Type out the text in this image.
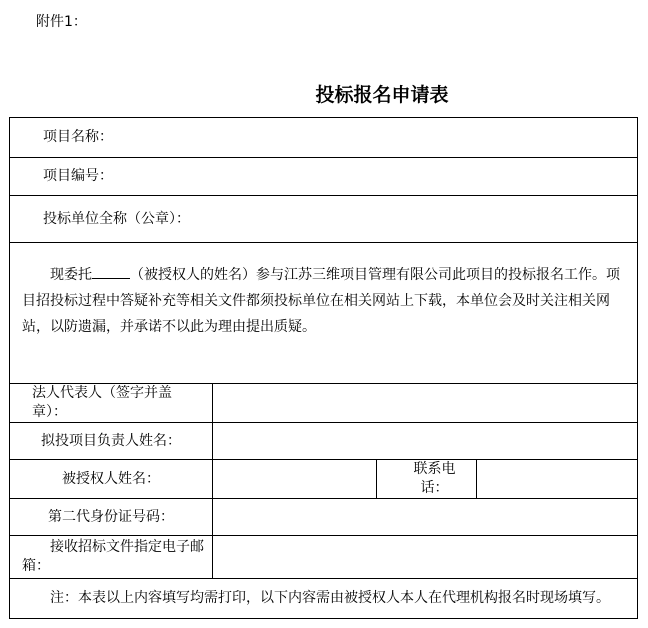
附件1：
投标报名申请表
项目名称：			
项目编号：			
投标单位全称（公章）：			
现委托 （被授权人的姓名）参与江苏三维项目管理有限公司此项目的投标报名工作。项目招投标过程中答疑补充等相关文件都须投标单位在相关网站上下载，本单位会及时关注相关网站，以防遗漏，并承诺不以此为理由提出质疑。			
法人代表人（签字并盖章）：			
拟投项目负责人姓名：			
被授权人姓名：		联系电话：	
第二代身份证号码：			
接收招标文件指定电子邮箱：			
注：本表以上内容填写均需打印，以下内容需由被授权人本人在代理机构报名时现场填写。			
